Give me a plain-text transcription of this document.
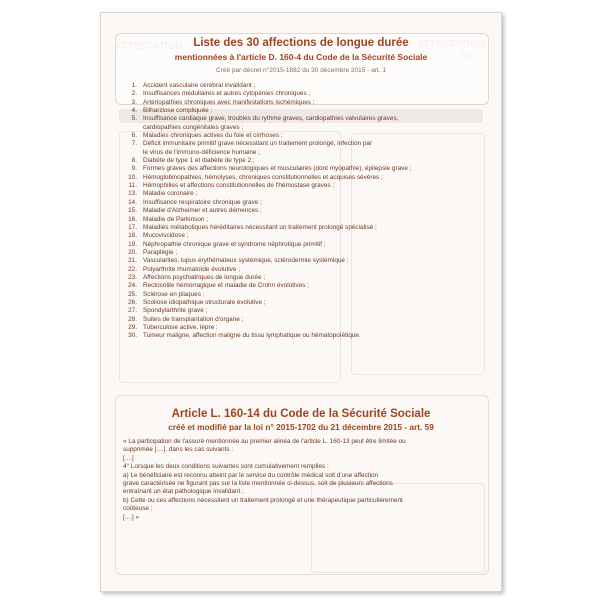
Liste des 30 affections de longue durée
mentionnées à l'article D. 160-4 du Code de la Sécurité Sociale
Créé par décret n°2015-1882 du 30 décembre 2015 - art. 1
1. Accident vasculaire cérébral invalidant ;
2. Insuffisances médullaires et autres cytopénies chroniques ;
3. Artériopathies chroniques avec manifestations ischémiques ;
4. Bilharziose compliquée ;
5. Insuffisance cardiaque grave, troubles du rythme graves, cardiopathies valvulaires graves,
cardiopathies congénitales graves ;
6. Maladies chroniques actives du foie et cirrhoses ;
7. Déficit immunitaire primitif grave nécessitant un traitement prolongé, infection par
le virus de l'immuno-déficience humaine ;
8. Diabète de type 1 et diabète de type 2 ;
9. Formes graves des affections neurologiques et musculaires (dont myopathie), épilepsie grave ;
10. Hémoglobinopathies, hémolyses, chroniques constitutionnelles et acquises sévères ;
11. Hémophilies et affections constitutionnelles de l'hémostase graves ;
13. Maladie coronaire ;
14. Insuffisance respiratoire chronique grave ;
15. Maladie d'Alzheimer et autres démences ;
16. Maladie de Parkinson ;
17. Maladies métaboliques héréditaires nécessitant un traitement prolongé spécialisé ;
18. Mucoviscidose ;
19. Néphropathie chronique grave et syndrome néphrotique primitif ;
20. Paraplégie ;
21. Vascularites, lupus érythémateux systémique, sclérodermie systémique ;
22. Polyarthrite rhumatoïde évolutive ;
23. Affections psychiatriques de longue durée ;
24. Rectocolite hémorragique et maladie de Crohn évolutives ;
25. Sclérose en plaques ;
26. Scoliose idiopathique structurale évolutive ;
27. Spondylarthrite grave ;
28. Suites de transplantation d'organe ;
29. Tuberculose active, lèpre ;
30. Tumeur maligne, affection maligne du tissu lymphatique ou hématopoïétique.
Article L. 160-14 du Code de la Sécurité Sociale
créé et modifié par la loi n° 2015-1702 du 21 décembre 2015 - art. 59

« La participation de l'assuré mentionnée au premier alinéa de l'article L. 160-13 peut être limitée ou

supprimée [....], dans les cas suivants :

[....]

4° Lorsque les deux conditions suivantes sont cumulativement remplies :

a) Le bénéficiaire est reconnu atteint par le service du contrôle médical soit d'une affection

grave caractérisée ne figurant pas sur la liste mentionnée ci-dessus, soit de plusieurs affections

entraînant un état pathologique invalidant ;

b) Cette ou ces affections nécessitent un traitement prolongé et une thérapeutique particulièrement

coûteuse ;

[....] »
